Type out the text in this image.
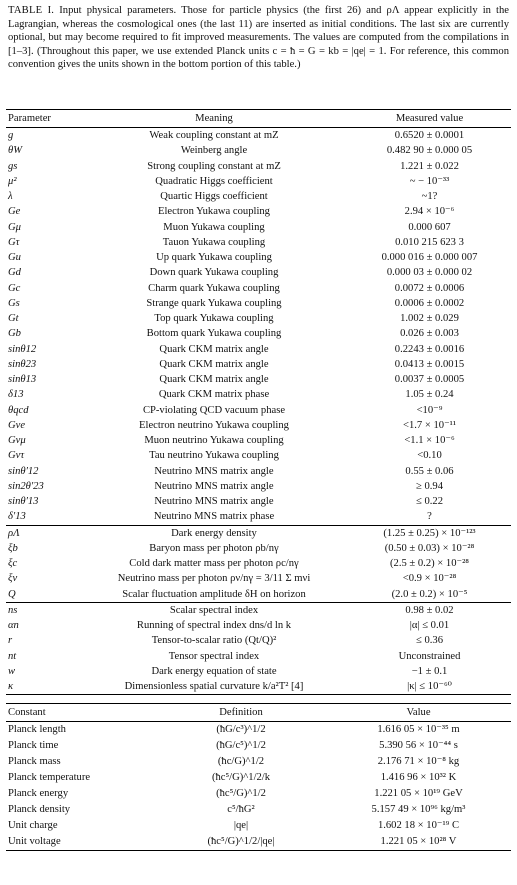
TABLE I. Input physical parameters. Those for particle physics (the first 26) and ρΛ appear explicitly in the Lagrangian, whereas the cosmological ones (the last 11) are inserted as initial conditions. The last six are currently optional, but may become required to fit improved measurements. The values are computed from the compilations in [1–3]. (Throughout this paper, we use extended Planck units c = ħ = G = kb = |qe| = 1. For reference, this common convention gives the units shown in the bottom portion of this table.)

Parameter	Meaning	Measured value
g	Weak coupling constant at mZ	0.6520 ± 0.0001
θW	Weinberg angle	0.482 90 ± 0.000 05
gs	Strong coupling constant at mZ	1.221 ± 0.022
μ²	Quadratic Higgs coefficient	~ − 10⁻³³
λ	Quartic Higgs coefficient	~1?
Ge	Electron Yukawa coupling	2.94 × 10⁻⁶
Gμ	Muon Yukawa coupling	0.000 607
Gτ	Tauon Yukawa coupling	0.010 215 623 3
Gu	Up quark Yukawa coupling	0.000 016 ± 0.000 007
Gd	Down quark Yukawa coupling	0.000 03 ± 0.000 02
Gc	Charm quark Yukawa coupling	0.0072 ± 0.0006
Gs	Strange quark Yukawa coupling	0.0006 ± 0.0002
Gt	Top quark Yukawa coupling	1.002 ± 0.029
Gb	Bottom quark Yukawa coupling	0.026 ± 0.003
sinθ12	Quark CKM matrix angle	0.2243 ± 0.0016
sinθ23	Quark CKM matrix angle	0.0413 ± 0.0015
sinθ13	Quark CKM matrix angle	0.0037 ± 0.0005
δ13	Quark CKM matrix phase	1.05 ± 0.24
θqcd	CP-violating QCD vacuum phase	<10⁻⁹
Gνe	Electron neutrino Yukawa coupling	<1.7 × 10⁻¹¹
Gνμ	Muon neutrino Yukawa coupling	<1.1 × 10⁻⁶
Gντ	Tau neutrino Yukawa coupling	<0.10
sinθ′12	Neutrino MNS matrix angle	0.55 ± 0.06
sin2θ′23	Neutrino MNS matrix angle	≥ 0.94
sinθ′13	Neutrino MNS matrix angle	≤ 0.22
δ′13	Neutrino MNS matrix phase	?
ρΛ	Dark energy density	(1.25 ± 0.25) × 10⁻¹²³
ξb	Baryon mass per photon ρb/nγ	(0.50 ± 0.03) × 10⁻²⁸
ξc	Cold dark matter mass per photon ρc/nγ	(2.5 ± 0.2) × 10⁻²⁸
ξν	Neutrino mass per photon ρν/nγ = 3/11 Σ mνi	<0.9 × 10⁻²⁸
Q	Scalar fluctuation amplitude δH on horizon	(2.0 ± 0.2) × 10⁻⁵
ns	Scalar spectral index	0.98 ± 0.02
αn	Running of spectral index dns/d ln k	|α| ≤ 0.01
r	Tensor-to-scalar ratio (Qt/Q)²	≤ 0.36
nt	Tensor spectral index	Unconstrained
w	Dark energy equation of state	−1 ± 0.1
κ	Dimensionless spatial curvature k/a²T² [4]	|κ| ≤ 10⁻⁶⁰
Constant	Definition	Value
Planck length	(ħG/c³)^1/2	1.616 05 × 10⁻³⁵ m
Planck time	(ħG/c⁵)^1/2	5.390 56 × 10⁻⁴⁴ s
Planck mass	(ħc/G)^1/2	2.176 71 × 10⁻⁸ kg
Planck temperature	(ħc⁵/G)^1/2/k	1.416 96 × 10³² K
Planck energy	(ħc⁵/G)^1/2	1.221 05 × 10¹⁹ GeV
Planck density	c⁵/ħG²	5.157 49 × 10⁹⁶ kg/m³
Unit charge	|qe|	1.602 18 × 10⁻¹⁹ C
Unit voltage	(ħc⁵/G)^1/2/|qe|	1.221 05 × 10²⁸ V
